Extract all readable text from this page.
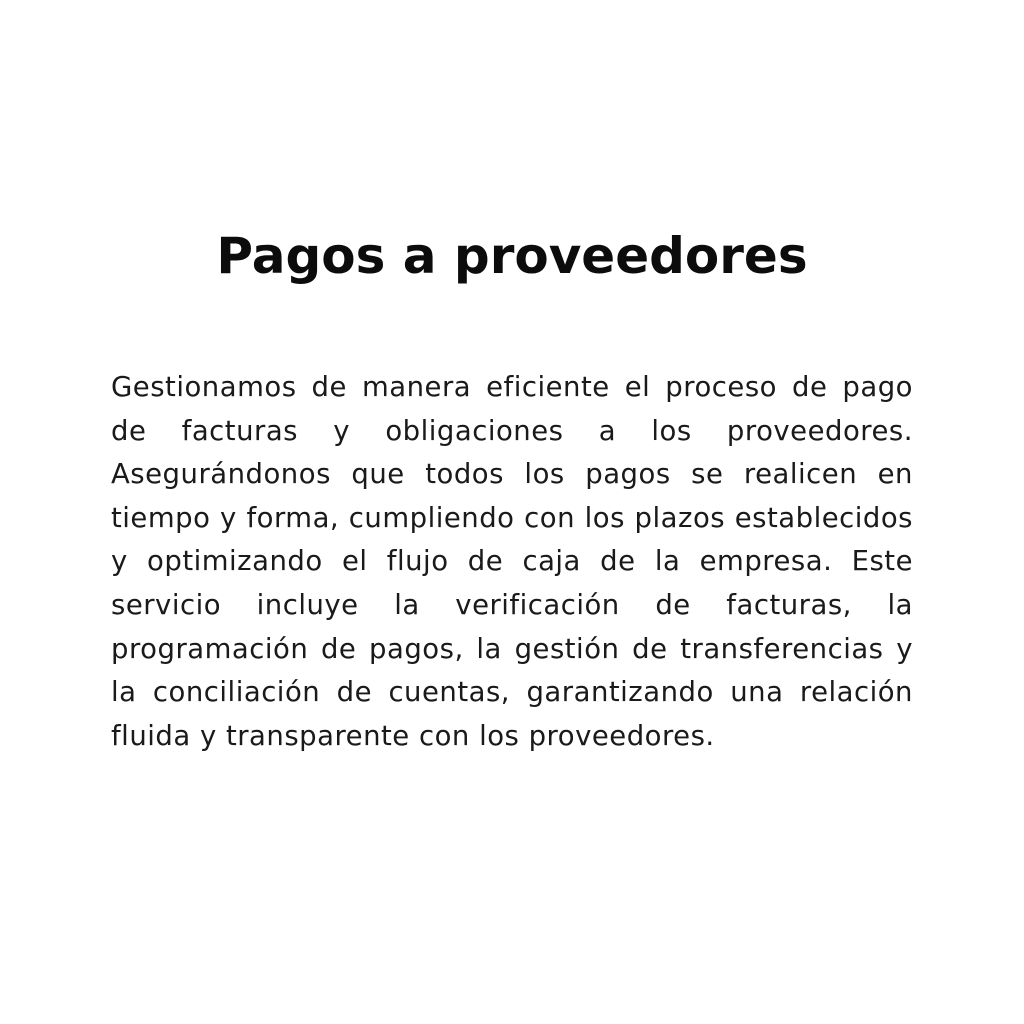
Pagos a proveedores

Gestionamos de manera eficiente el proceso de pago de facturas y obligaciones a los proveedores. Asegurándonos que todos los pagos se realicen en tiempo y forma, cumpliendo con los plazos establecidos y optimizando el flujo de caja de la empresa. Este servicio incluye la verificación de facturas, la programación de pagos, la gestión de transferencias y la conciliación de cuentas, garantizando una relación fluida y transparente con los proveedores.
